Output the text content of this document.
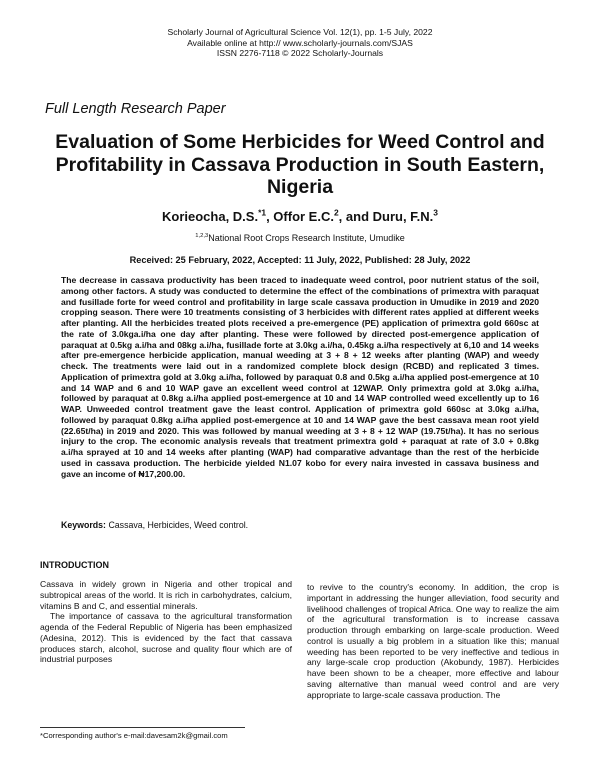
Scholarly Journal of Agricultural Science Vol. 12(1), pp. 1-5 July, 2022
Available online at http:// www.scholarly-journals.com/SJAS
ISSN 2276-7118 © 2022 Scholarly-Journals
Full Length Research Paper
Evaluation of Some Herbicides for Weed Control and Profitability in Cassava Production in South Eastern, Nigeria
Korieocha, D.S.$^{*1}$, Offor E.C.$^2$, and Duru, F.N.$^3$
$^{1,2,3}$National Root Crops Research Institute, Umudike
Received: 25 February, 2022, Accepted: 11 July, 2022, Published: 28 July, 2022

The decrease in cassava productivity has been traced to inadequate weed control, poor nutrient status of the soil, among other factors. A study was conducted to determine the effect of the combinations of primextra with paraquat and fusillade forte for weed control and profitability in large scale cassava production in Umudike in 2019 and 2020 cropping season. There were 10 treatments consisting of 3 herbicides with different rates applied at different weeks after planting. All the herbicides treated plots received a pre-emergence (PE) application of primextra gold 660sc at the rate of 3.0kga.i/ha one day after planting. These were followed by directed post-emergence application of paraquat at 0.5kg a.i/ha and 08kg a.i/ha, fusillade forte at 3.0kg a.i/ha, 0.45kg a.i/ha respectively at 6,10 and 14 weeks after pre-emergence herbicide application, manual weeding at 3 + 8 + 12 weeks after planting (WAP) and weedy check. The treatments were laid out in a randomized complete block design (RCBD) and replicated 3 times. Application of primextra gold at 3.0kg a.i/ha, followed by paraquat 0.8 and 0.5kg a.i/ha applied post-emergence at 10 and 14 WAP and 6 and 10 WAP gave an excellent weed control at 12WAP. Only primextra gold at 3.0kg a.i/ha, followed by paraquat at 0.8kg a.i/ha applied post-emergence at 10 and 14 WAP controlled weed excellently up to 16 WAP. Unweeded control treatment gave the least control. Application of primextra gold 660sc at 3.0kg a.i/ha, followed by paraquat 0.8kg a.i/ha applied post-emergence at 10 and 14 WAP gave the best cassava mean root yield (22.65t/ha) in 2019 and 2020. This was followed by manual weeding at 3 + 8 + 12 WAP (19.75t/ha). It has no serious injury to the crop. The economic analysis reveals that treatment primextra gold + paraquat at rate of 3.0 + 0.8kg a.i/ha sprayed at 10 and 14 weeks after planting (WAP) had comparative advantage than the rest of the herbicide used in cassava production. The herbicide yielded N1.07 kobo for every naira invested in cassava business and gave an income of ₦17,200.00.

Keywords: Cassava, Herbicides, Weed control.
INTRODUCTION

Cassava in widely grown in Nigeria and other tropical and subtropical areas of the world. It is rich in carbohydrates, calcium, vitamins B and C, and essential minerals.

The importance of cassava to the agricultural transformation agenda of the Federal Republic of Nigeria has been emphasized (Adesina, 2012). This is evidenced by the fact that cassava produces starch, alcohol, sucrose and quality flour which are of industrial purposes

to revive to the country's economy. In addition, the crop is important in addressing the hunger alleviation, food security and livelihood challenges of tropical Africa. One way to realize the aim of the agricultural transformation is to increase cassava production through embarking on large-scale production. Weed control is usually a big problem in a situation like this; manual weeding has been reported to be very ineffective and tedious in any large-scale crop production (Akobundy, 1987). Herbicides have been shown to be a cheaper, more effective and labour saving alternative than manual weed control and are very appropriate to large-scale cassava production. The

*Corresponding author's e-mail:davesam2k@gmail.com
